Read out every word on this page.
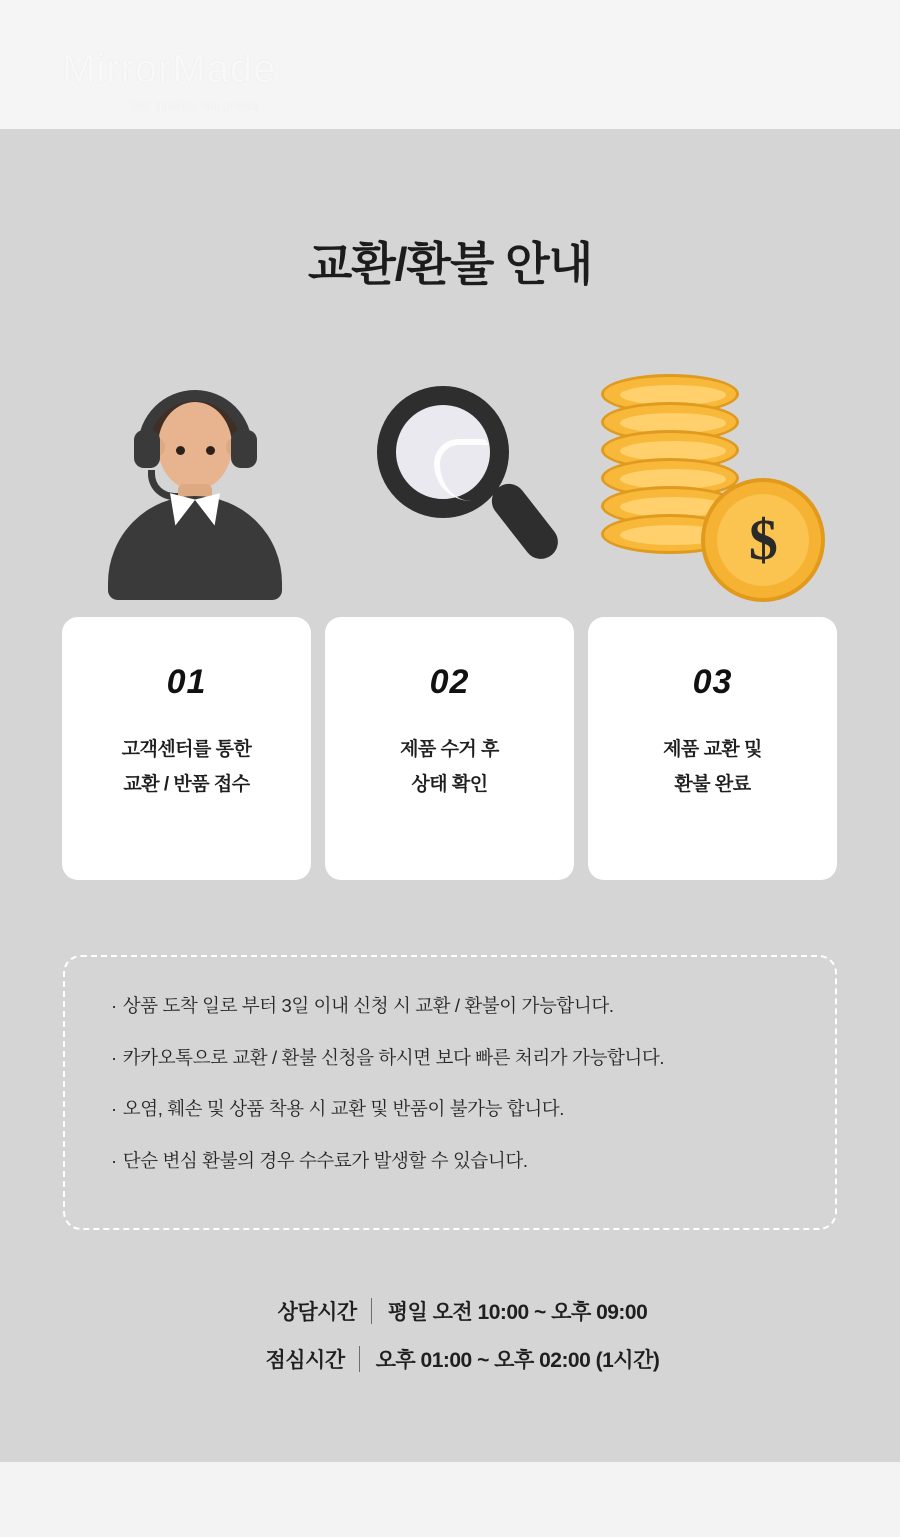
MirrorMade
Top quality, fair prices
교환/환불 안내
$
01
고객센터를 통한
교환 / 반품 접수
02
제품 수거 후
상태 확인
03
제품 교환 및
환불 완료
· 상품 도착 일로 부터 3일 이내 신청 시 교환 / 환불이 가능합니다.
· 카카오톡으로 교환 / 환불 신청을 하시면 보다 빠른 처리가 가능합니다.
· 오염, 훼손 및 상품 착용 시 교환 및 반품이 불가능 합니다.
· 단순 변심 환불의 경우 수수료가 발생할 수 있습니다.
상담시간	평일 오전 10:00 ~ 오후 09:00
점심시간	오후 01:00 ~ 오후 02:00 (1시간)
